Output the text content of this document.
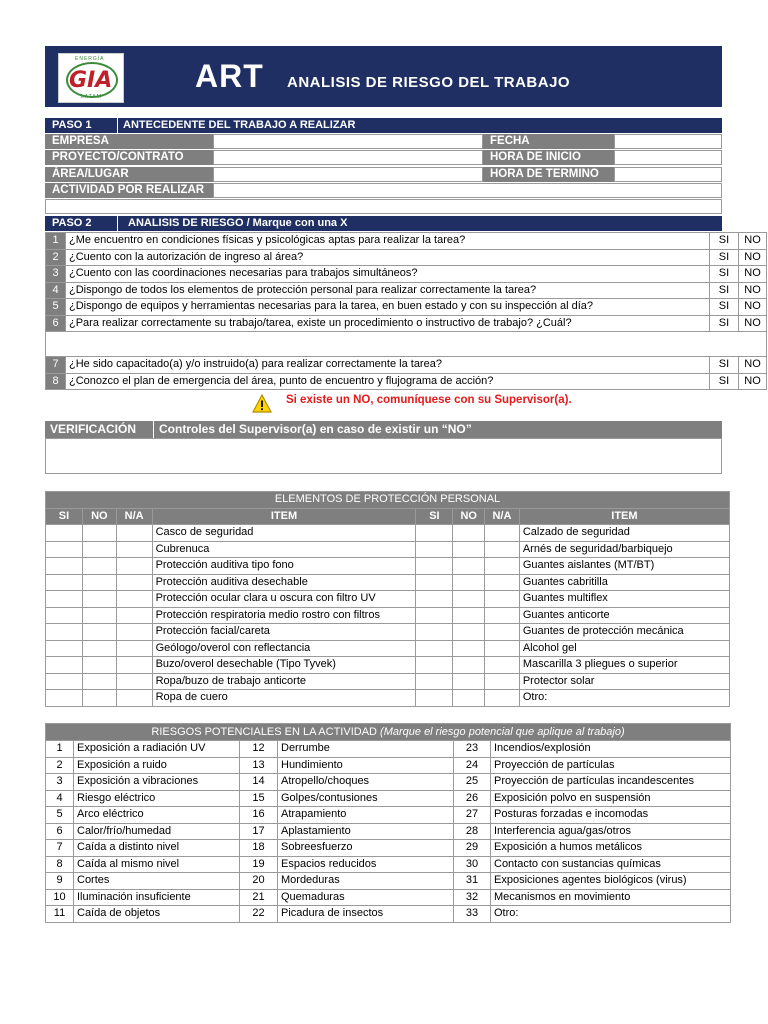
ENERGÍA
GIA
LATAM
ART ANALISIS DE RIESGO DEL TRABAJO
PASO 1	ANTECEDENTE DEL TRABAJO A REALIZAR
EMPRESA	FECHA
PROYECTO/CONTRATO	HORA DE INICIO
ÁREA/LUGAR	HORA DE TERMINO
ACTIVIDAD POR REALIZAR
PASO 2	ANALISIS DE RIESGO / Marque con una X
1	¿Me encuentro en condiciones físicas y psicológicas aptas para realizar la tarea?	SI	NO
2	¿Cuento con la autorización de ingreso al área?	SI	NO
3	¿Cuento con las coordinaciones necesarias para trabajos simultáneos?	SI	NO
4	¿Dispongo de todos los elementos de protección personal para realizar correctamente la tarea?	SI	NO
5	¿Dispongo de equipos y herramientas necesarias para la tarea, en buen estado y con su inspección al día?	SI	NO
6	¿Para realizar correctamente su trabajo/tarea, existe un procedimiento o instructivo de trabajo? ¿Cuál?	SI	NO

7	¿He sido capacitado(a) y/o instruido(a) para realizar correctamente la tarea?	SI	NO
8	¿Conozco el plan de emergencia del área, punto de encuentro y flujograma de acción?	SI	NO
Si existe un NO, comuníquese con su Supervisor(a).
VERIFICACIÓN Controles del Supervisor(a) en caso de existir un “NO”
ELEMENTOS DE PROTECCIÓN PERSONAL							
SI	NO	N/A	ITEM	SI	NO	N/A	ITEM
			Casco de seguridad				Calzado de seguridad
			Cubrenuca				Arnés de seguridad/barbiquejo
			Protección auditiva tipo fono				Guantes aislantes (MT/BT)
			Protección auditiva desechable				Guantes cabritilla
			Protección ocular clara u oscura con filtro UV				Guantes multiflex
			Protección respiratoria medio rostro con filtros				Guantes anticorte
			Protección facial/careta				Guantes de protección mecánica
			Geólogo/overol con reflectancia				Alcohol gel
			Buzo/overol desechable (Tipo Tyvek)				Mascarilla 3 pliegues o superior
			Ropa/buzo de trabajo anticorte				Protector solar
			Ropa de cuero				Otro:
RIESGOS POTENCIALES EN LA ACTIVIDAD (Marque el riesgo potencial que aplique al trabajo)					
1	Exposición a radiación UV	12	Derrumbe	23	Incendios/explosión
2	Exposición a ruido	13	Hundimiento	24	Proyección de partículas
3	Exposición a vibraciones	14	Atropello/choques	25	Proyección de partículas incandescentes
4	Riesgo eléctrico	15	Golpes/contusiones	26	Exposición polvo en suspensión
5	Arco eléctrico	16	Atrapamiento	27	Posturas forzadas e incomodas
6	Calor/frío/humedad	17	Aplastamiento	28	Interferencia agua/gas/otros
7	Caída a distinto nivel	18	Sobreesfuerzo	29	Exposición a humos metálicos
8	Caída al mismo nivel	19	Espacios reducidos	30	Contacto con sustancias químicas
9	Cortes	20	Mordeduras	31	Exposiciones agentes biológicos (virus)
10	Iluminación insuficiente	21	Quemaduras	32	Mecanismos en movimiento
11	Caída de objetos	22	Picadura de insectos	33	Otro:
